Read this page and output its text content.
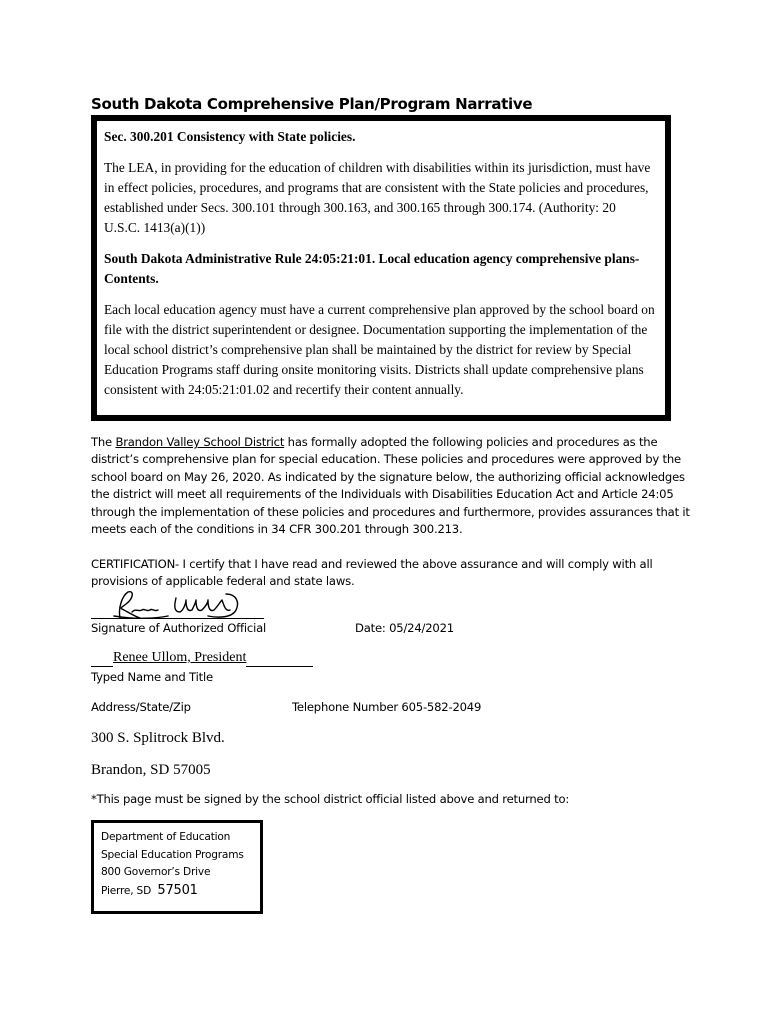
South Dakota Comprehensive Plan/Program Narrative
Sec. 300.201 Consistency with State policies.

The LEA, in providing for the education of children with disabilities within its jurisdiction, must have in effect policies, procedures, and programs that are consistent with the State policies and procedures, established under Secs. 300.101 through 300.163, and 300.165 through 300.174. (Authority: 20 U.S.C. 1413(a)(1))

South Dakota Administrative Rule 24:05:21:01. Local education agency comprehensive plans-Contents.

Each local education agency must have a current comprehensive plan approved by the school board on file with the district superintendent or designee. Documentation supporting the implementation of the local school district’s comprehensive plan shall be maintained by the district for review by Special Education Programs staff during onsite monitoring visits. Districts shall update comprehensive plans consistent with 24:05:21:01.02 and recertify their content annually.

The Brandon Valley School District has formally adopted the following policies and procedures as the district’s comprehensive plan for special education. These policies and procedures were approved by the school board on May 26, 2020. As indicated by the signature below, the authorizing official acknowledges the district will meet all requirements of the Individuals with Disabilities Education Act and Article 24:05 through the implementation of these policies and procedures and furthermore, provides assurances that it meets each of the conditions in 34 CFR 300.201 through 300.213.
CERTIFICATION- I certify that I have read and reviewed the above assurance and will comply with all provisions of applicable federal and state laws.
Signature of Authorized Official	Date: 05/24/2021
Renee Ullom, President
Typed Name and Title
Address/State/Zip	Telephone Number 605-582-2049
300 S. Splitrock Blvd.
Brandon, SD 57005
*This page must be signed by the school district official listed above and returned to:
Department of Education
Special Education Programs
800 Governor’s Drive
Pierre, SD 57501
